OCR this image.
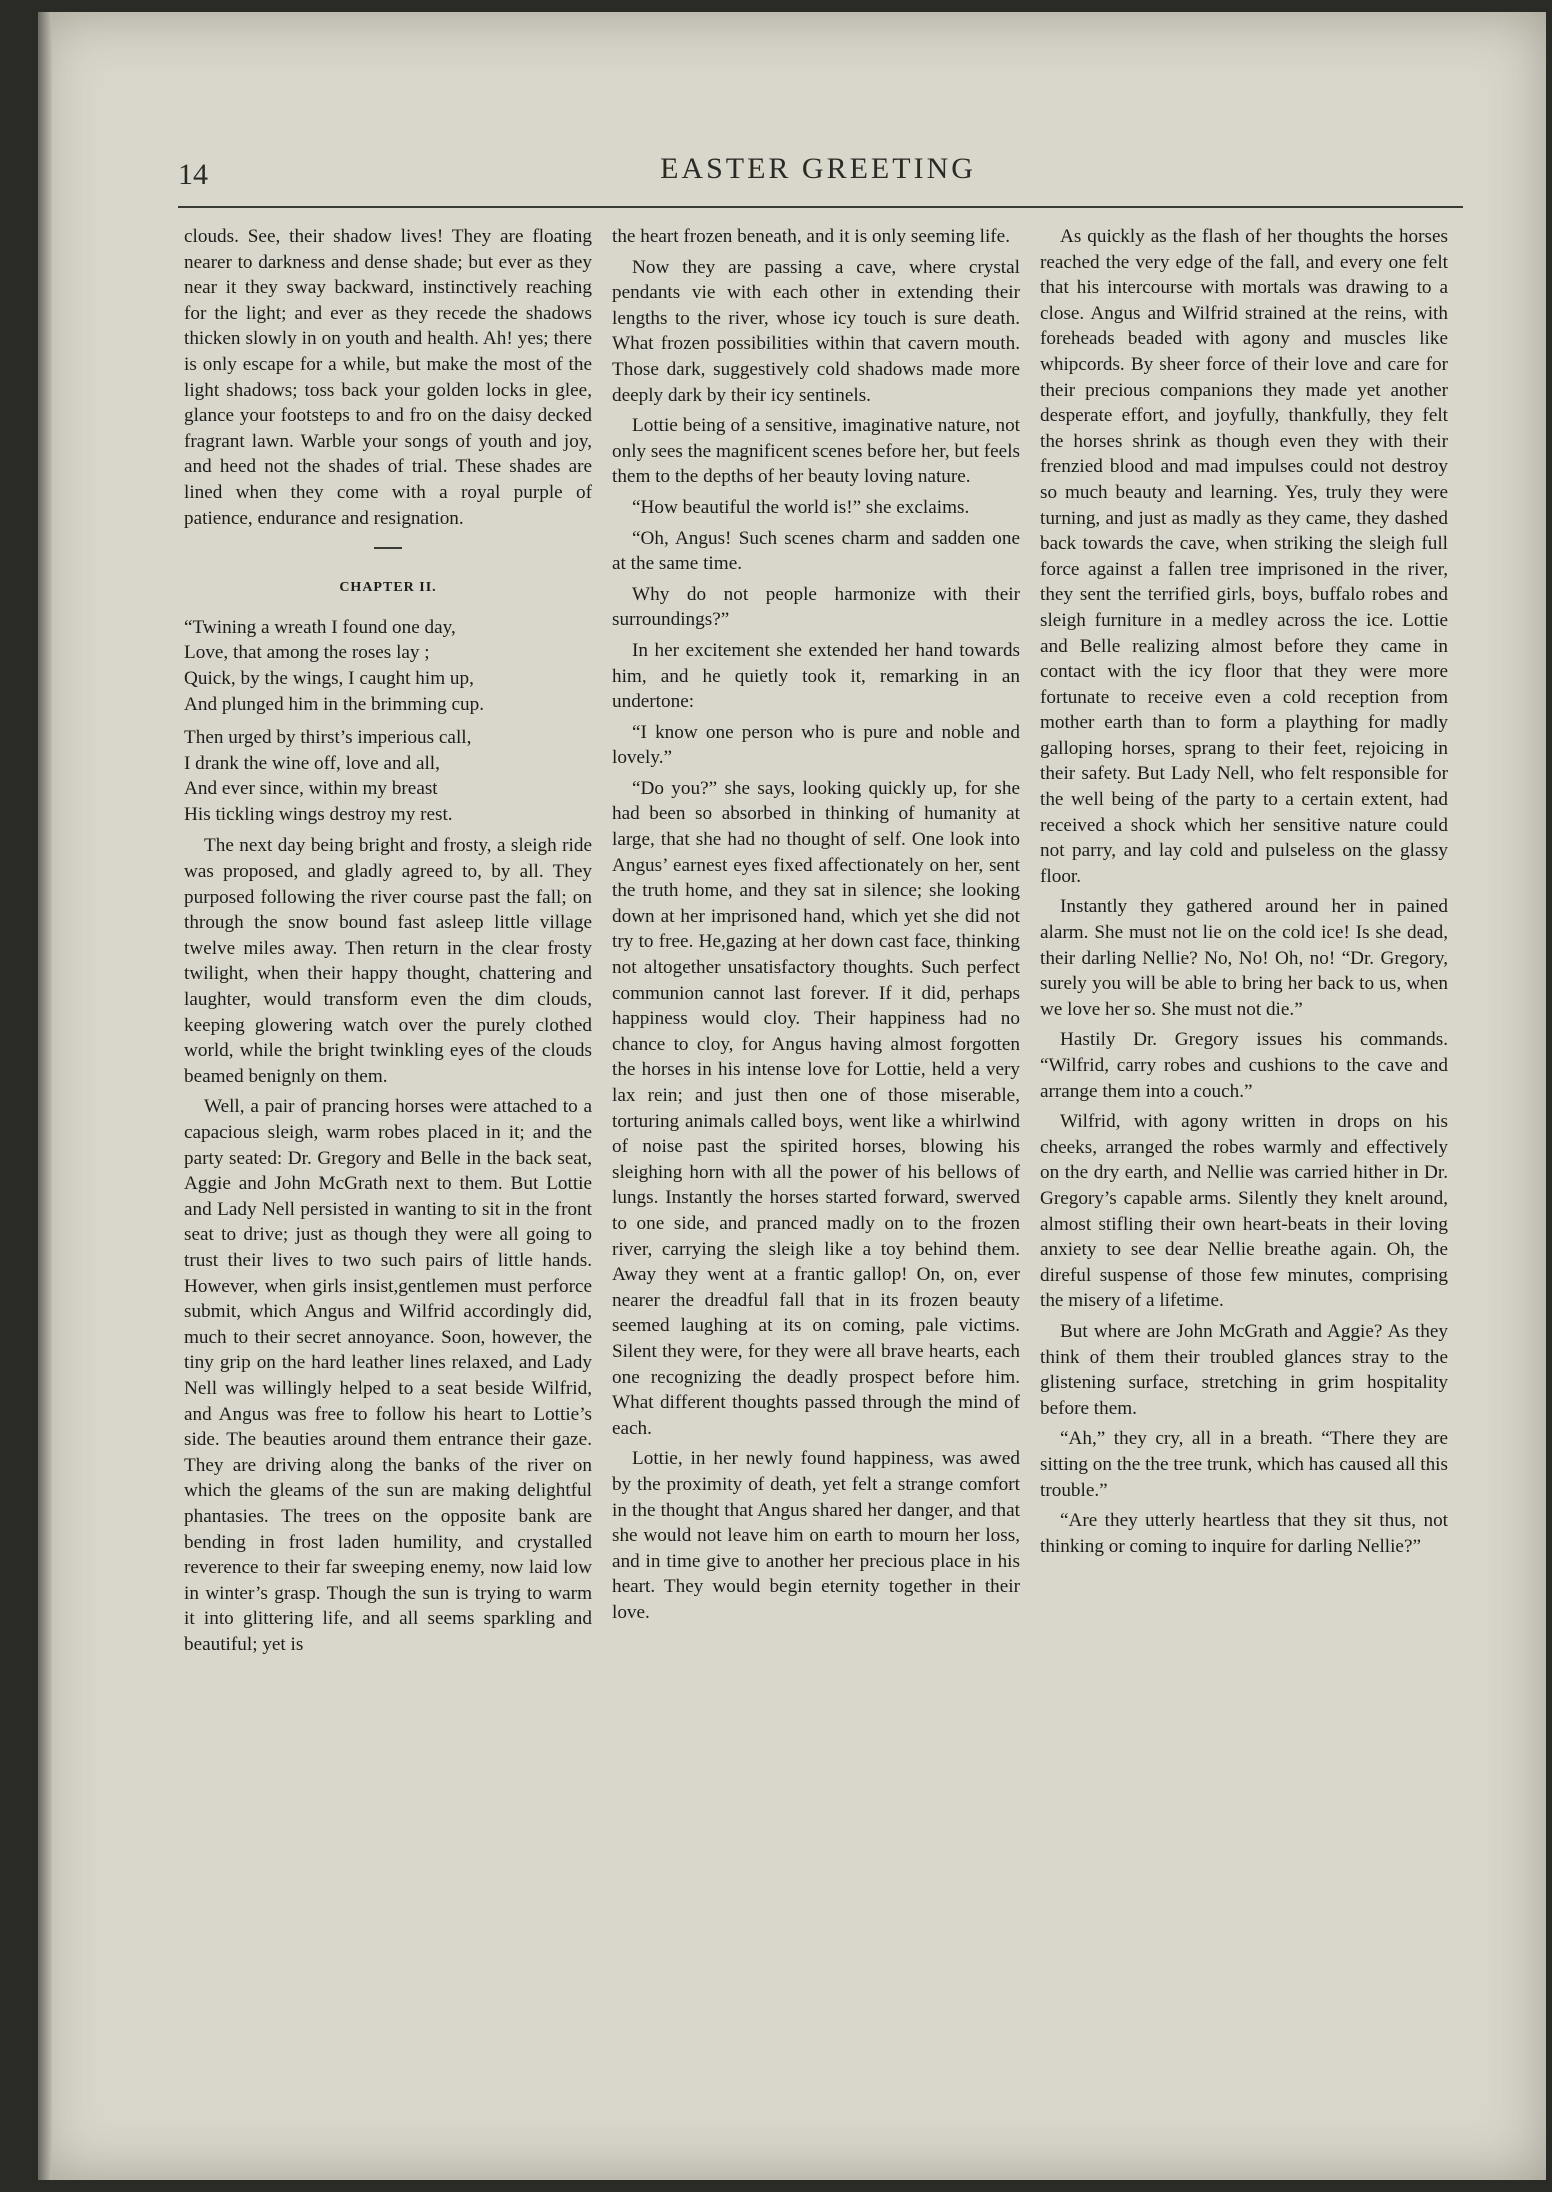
14	EASTER GREETING

clouds. See, their shadow lives! They are floating nearer to darkness and dense shade; but ever as they near it they sway backward, instinctively reaching for the light; and ever as they recede the shadows thicken slowly in on youth and health. Ah! yes; there is only escape for a while, but make the most of the light shadows; toss back your golden locks in glee, glance your footsteps to and fro on the daisy decked fragrant lawn. Warble your songs of youth and joy, and heed not the shades of trial. These shades are lined when they come with a royal purple of patience, endurance and resignation.

CHAPTER II.
“Twining a wreath I found one day,
Love, that among the roses lay ;
Quick, by the wings, I caught him up,
And plunged him in the brimming cup.
Then urged by thirst’s imperious call,
I drank the wine off, love and all,
And ever since, within my breast
His tickling wings destroy my rest.

The next day being bright and frosty, a sleigh ride was proposed, and gladly agreed to, by all. They purposed following the river course past the fall; on through the snow bound fast asleep little village twelve miles away. Then return in the clear frosty twilight, when their happy thought, chattering and laughter, would transform even the dim clouds, keeping glowering watch over the purely clothed world, while the bright twinkling eyes of the clouds beamed benignly on them.

Well, a pair of prancing horses were attached to a capacious sleigh, warm robes placed in it; and the party seated: Dr. Gregory and Belle in the back seat, Aggie and John McGrath next to them. But Lottie and Lady Nell persisted in wanting to sit in the front seat to drive; just as though they were all going to trust their lives to two such pairs of little hands. However, when girls insist,gentlemen must perforce submit, which Angus and Wilfrid accordingly did, much to their secret annoyance. Soon, however, the tiny grip on the hard leather lines relaxed, and Lady Nell was willingly helped to a seat beside Wilfrid, and Angus was free to follow his heart to Lottie’s side. The beauties around them entrance their gaze. They are driving along the banks of the river on which the gleams of the sun are making delightful phantasies. The trees on the opposite bank are bending in frost laden humility, and crystalled reverence to their far sweeping enemy, now laid low in winter’s grasp. Though the sun is trying to warm it into glittering life, and all seems sparkling and beautiful; yet is

the heart frozen beneath, and it is only seeming life.

Now they are passing a cave, where crystal pendants vie with each other in extending their lengths to the river, whose icy touch is sure death. What frozen possibilities within that cavern mouth. Those dark, suggestively cold shadows made more deeply dark by their icy sentinels.

Lottie being of a sensitive, imaginative nature, not only sees the magnificent scenes before her, but feels them to the depths of her beauty loving nature.

“How beautiful the world is!” she exclaims.

“Oh, Angus! Such scenes charm and sadden one at the same time.

Why do not people harmonize with their surroundings?”

In her excitement she extended her hand towards him, and he quietly took it, remarking in an undertone:

“I know one person who is pure and noble and lovely.”

“Do you?” she says, looking quickly up, for she had been so absorbed in thinking of humanity at large, that she had no thought of self. One look into Angus’ earnest eyes fixed affectionately on her, sent the truth home, and they sat in silence; she looking down at her imprisoned hand, which yet she did not try to free. He,gazing at her down cast face, thinking not altogether unsatisfactory thoughts. Such perfect communion cannot last forever. If it did, perhaps happiness would cloy. Their happiness had no chance to cloy, for Angus having almost forgotten the horses in his intense love for Lottie, held a very lax rein; and just then one of those miserable, torturing animals called boys, went like a whirlwind of noise past the spirited horses, blowing his sleighing horn with all the power of his bellows of lungs. Instantly the horses started forward, swerved to one side, and pranced madly on to the frozen river, carrying the sleigh like a toy behind them. Away they went at a frantic gallop! On, on, ever nearer the dreadful fall that in its frozen beauty seemed laughing at its on coming, pale victims. Silent they were, for they were all brave hearts, each one recognizing the deadly prospect before him. What different thoughts passed through the mind of each.

Lottie, in her newly found happiness, was awed by the proximity of death, yet felt a strange comfort in the thought that Angus shared her danger, and that she would not leave him on earth to mourn her loss, and in time give to another her precious place in his heart. They would begin eternity together in their love.

As quickly as the flash of her thoughts the horses reached the very edge of the fall, and every one felt that his intercourse with mortals was drawing to a close. Angus and Wilfrid strained at the reins, with foreheads beaded with agony and muscles like whipcords. By sheer force of their love and care for their precious companions they made yet another desperate effort, and joyfully, thankfully, they felt the horses shrink as though even they with their frenzied blood and mad impulses could not destroy so much beauty and learning. Yes, truly they were turning, and just as madly as they came, they dashed back towards the cave, when striking the sleigh full force against a fallen tree imprisoned in the river, they sent the terrified girls, boys, buffalo robes and sleigh furniture in a medley across the ice. Lottie and Belle realizing almost before they came in contact with the icy floor that they were more fortunate to receive even a cold reception from mother earth than to form a plaything for madly galloping horses, sprang to their feet, rejoicing in their safety. But Lady Nell, who felt responsible for the well being of the party to a certain extent, had received a shock which her sensitive nature could not parry, and lay cold and pulseless on the glassy floor.

Instantly they gathered around her in pained alarm. She must not lie on the cold ice! Is she dead, their darling Nellie? No, No! Oh, no! “Dr. Gregory, surely you will be able to bring her back to us, when we love her so. She must not die.”

Hastily Dr. Gregory issues his commands. “Wilfrid, carry robes and cushions to the cave and arrange them into a couch.”

Wilfrid, with agony written in drops on his cheeks, arranged the robes warmly and effectively on the dry earth, and Nellie was carried hither in Dr. Gregory’s capable arms. Silently they knelt around, almost stifling their own heart-beats in their loving anxiety to see dear Nellie breathe again. Oh, the direful suspense of those few minutes, comprising the misery of a lifetime.

But where are John McGrath and Aggie? As they think of them their troubled glances stray to the glistening surface, stretching in grim hospitality before them.

“Ah,” they cry, all in a breath. “There they are sitting on the the tree trunk, which has caused all this trouble.”

“Are they utterly heartless that they sit thus, not thinking or coming to inquire for darling Nellie?”
